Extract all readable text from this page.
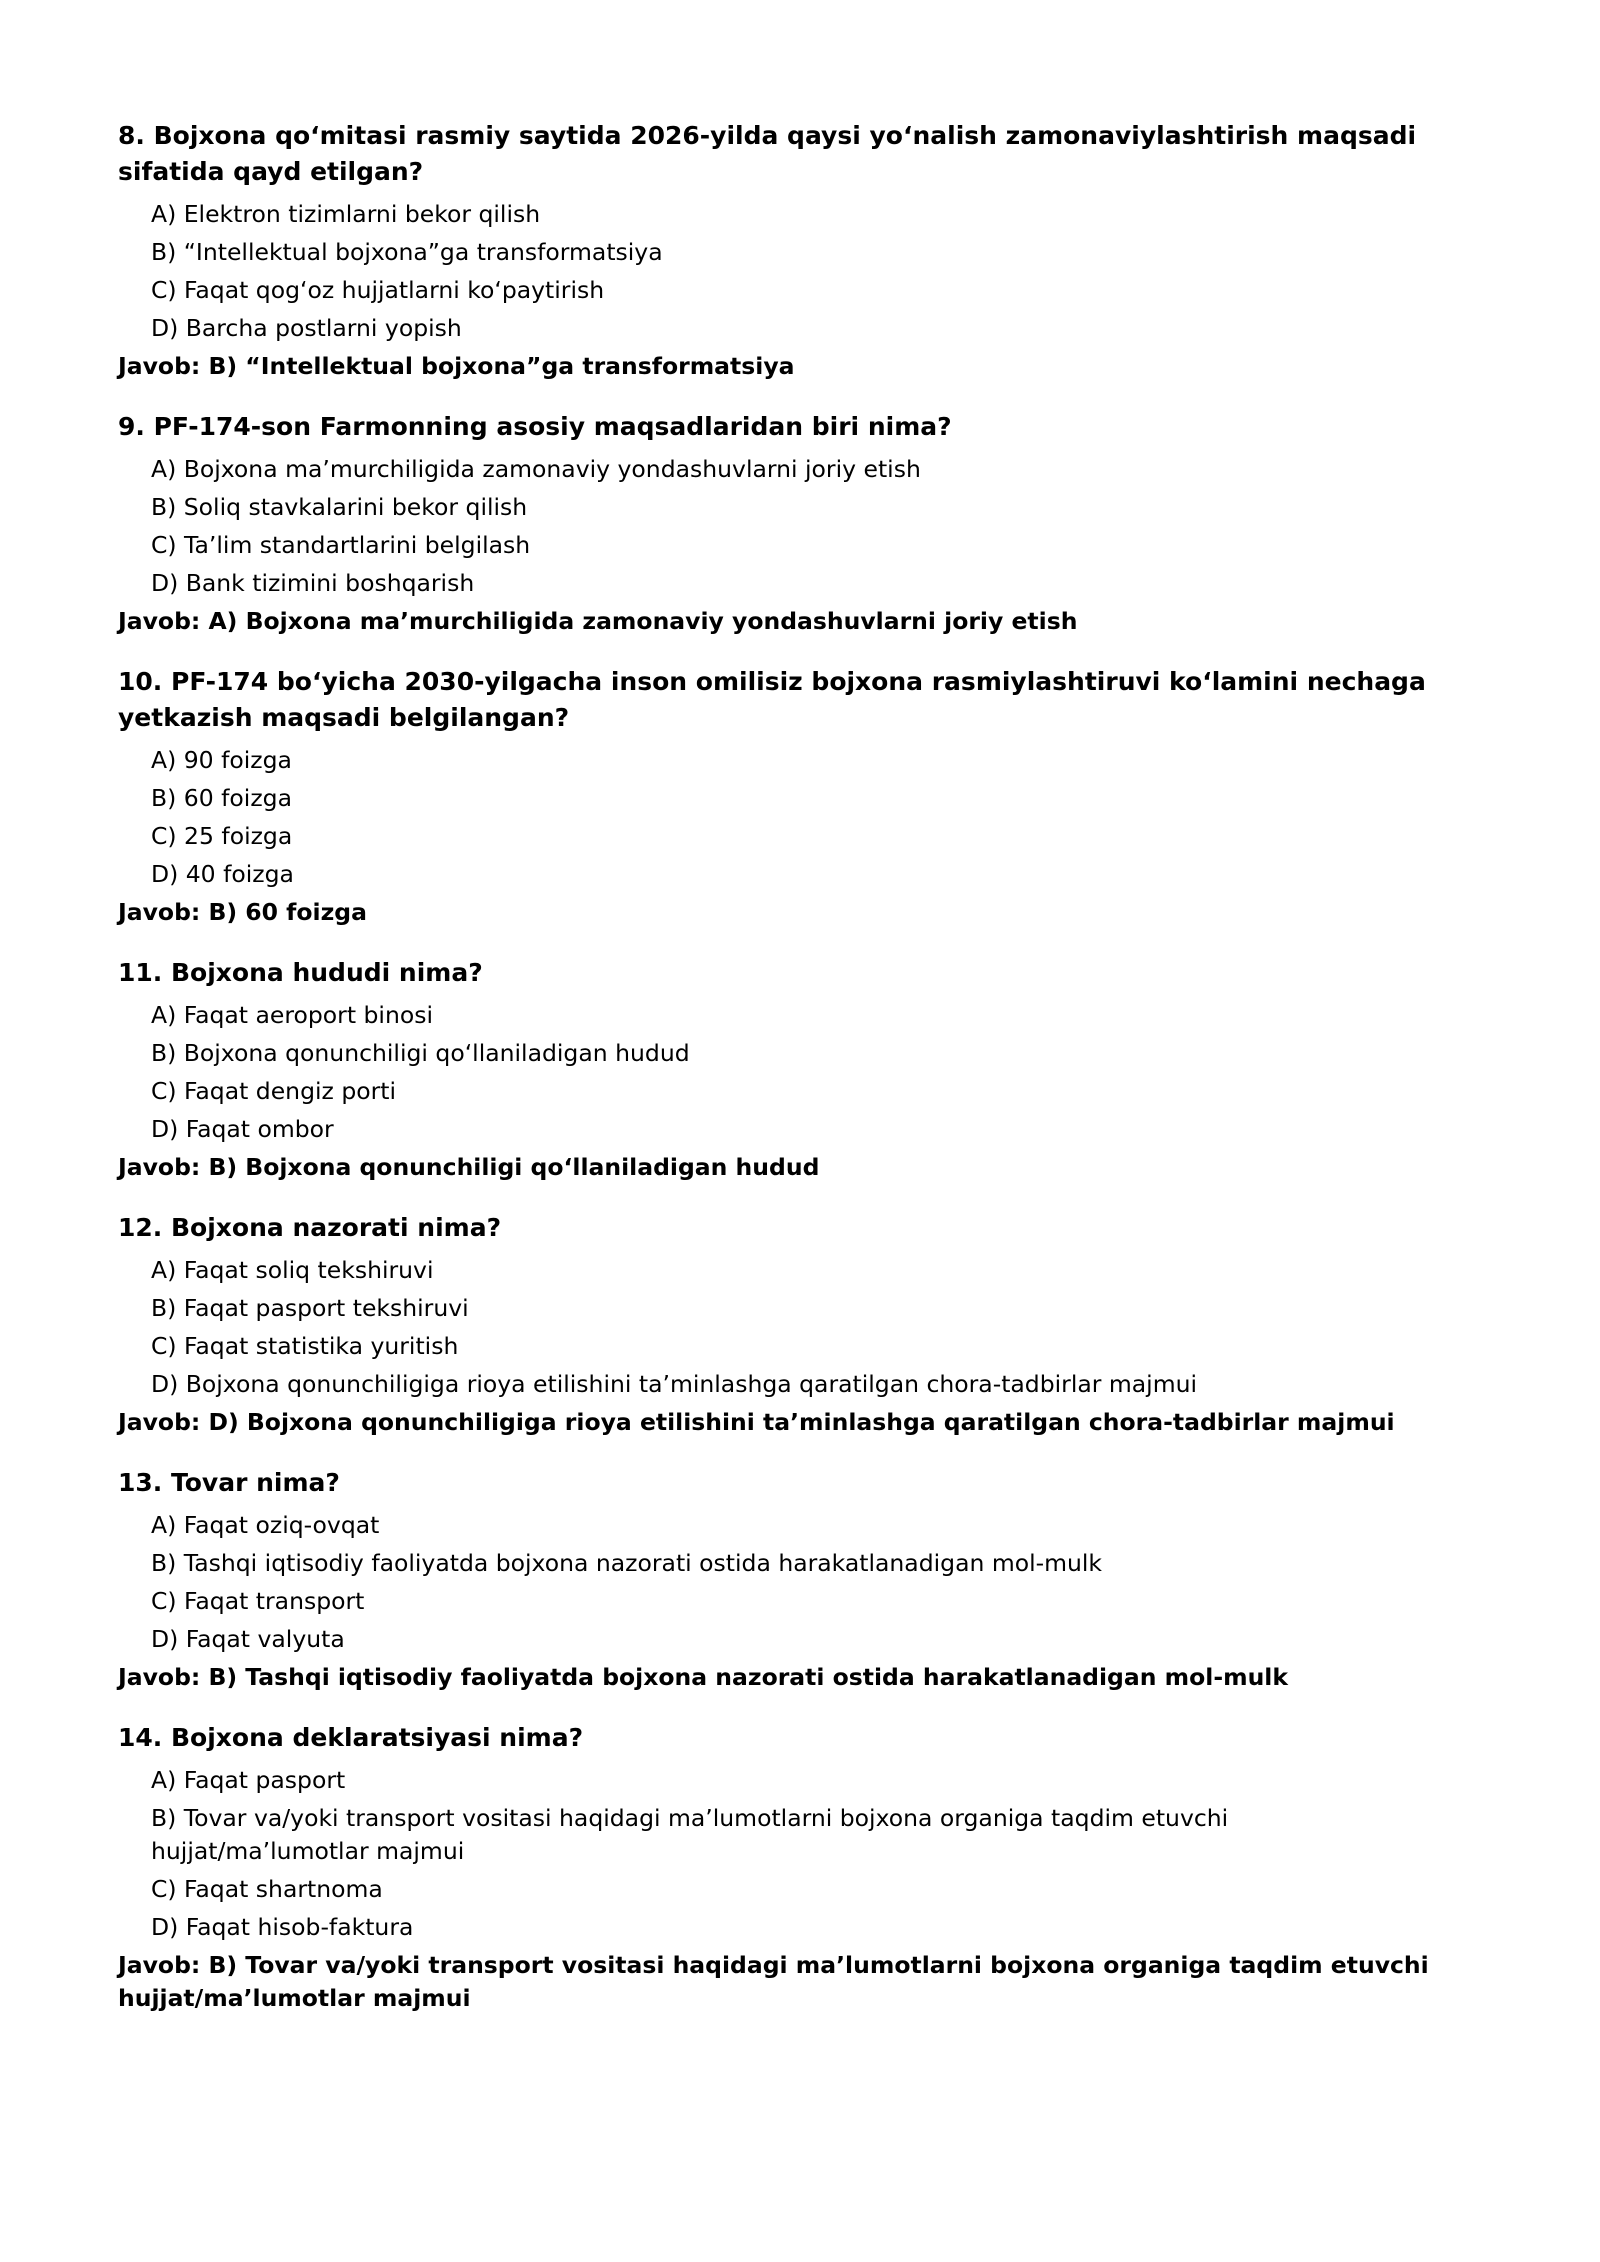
8. Bojxona qo‘mitasi rasmiy saytida 2026-yilda qaysi yo‘nalish zamonaviylashtirish maqsadi sifatida qayd etilgan?

A) Elektron tizimlarni bekor qilish
B) “Intellektual bojxona”ga transformatsiya
C) Faqat qog‘oz hujjatlarni ko‘paytirish
D) Barcha postlarni yopish

Javob: B) “Intellektual bojxona”ga transformatsiya

9. PF-174-son Farmonning asosiy maqsadlaridan biri nima?

A) Bojxona ma’murchiligida zamonaviy yondashuvlarni joriy etish
B) Soliq stavkalarini bekor qilish
C) Ta’lim standartlarini belgilash
D) Bank tizimini boshqarish

Javob: A) Bojxona ma’murchiligida zamonaviy yondashuvlarni joriy etish

10. PF-174 bo‘yicha 2030-yilgacha inson omilisiz bojxona rasmiylashtiruvi ko‘lamini nechaga yetkazish maqsadi belgilangan?

A) 90 foizga
B) 60 foizga
C) 25 foizga
D) 40 foizga

Javob: B) 60 foizga

11. Bojxona hududi nima?

A) Faqat aeroport binosi
B) Bojxona qonunchiligi qo‘llaniladigan hudud
C) Faqat dengiz porti
D) Faqat ombor

Javob: B) Bojxona qonunchiligi qo‘llaniladigan hudud

12. Bojxona nazorati nima?

A) Faqat soliq tekshiruvi
B) Faqat pasport tekshiruvi
C) Faqat statistika yuritish
D) Bojxona qonunchiligiga rioya etilishini ta’minlashga qaratilgan chora-tadbirlar majmui

Javob: D) Bojxona qonunchiligiga rioya etilishini ta’minlashga qaratilgan chora-tadbirlar majmui

13. Tovar nima?

A) Faqat oziq-ovqat
B) Tashqi iqtisodiy faoliyatda bojxona nazorati ostida harakatlanadigan mol-mulk
C) Faqat transport
D) Faqat valyuta

Javob: B) Tashqi iqtisodiy faoliyatda bojxona nazorati ostida harakatlanadigan mol-mulk

14. Bojxona deklaratsiyasi nima?

A) Faqat pasport
B) Tovar va/yoki transport vositasi haqidagi ma’lumotlarni bojxona organiga taqdim etuvchi hujjat/ma’lumotlar majmui
C) Faqat shartnoma
D) Faqat hisob-faktura

Javob: B) Tovar va/yoki transport vositasi haqidagi ma’lumotlarni bojxona organiga taqdim etuvchi hujjat/ma’lumotlar majmui
